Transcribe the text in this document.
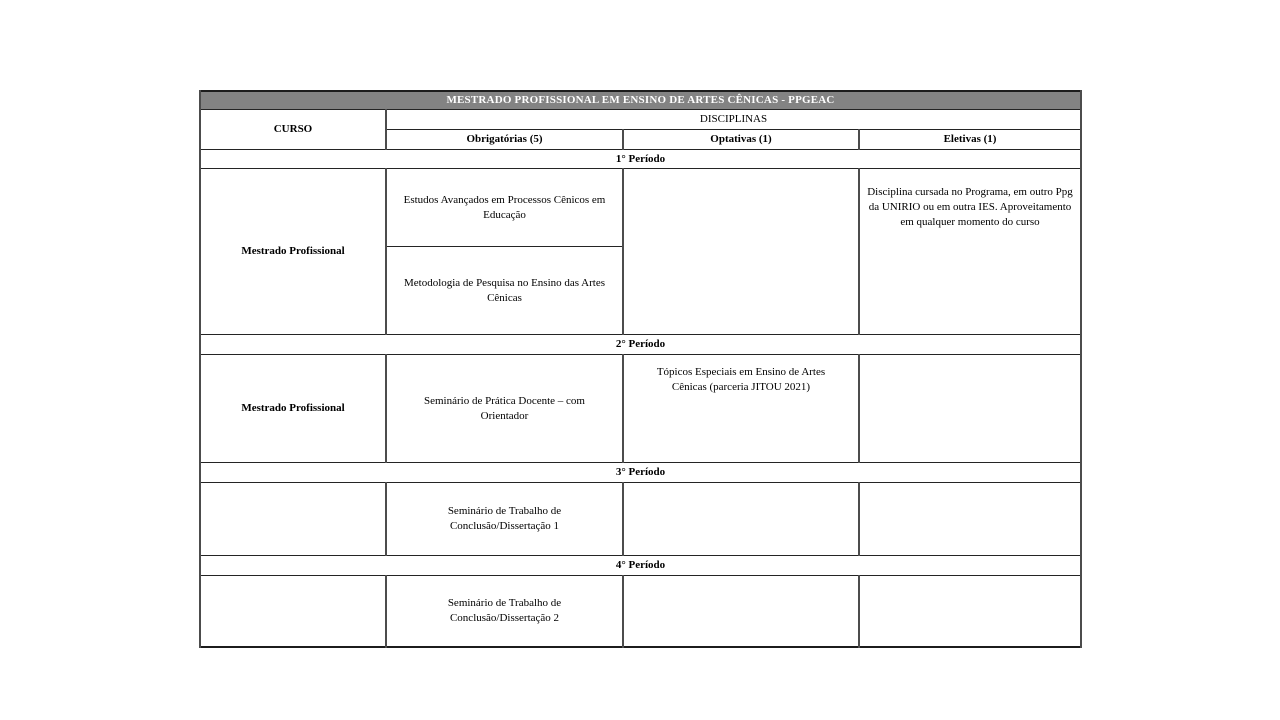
MESTRADO PROFISSIONAL EM ENSINO DE ARTES CÊNICAS - PPGEAC			
CURSO	DISCIPLINAS		
	Obrigatórias (5)	Optativas (1)	Eletivas (1)
1° Período			
Mestrado Profissional	Estudos Avançados em Processos Cênicos em Educação		Disciplina cursada no Programa, em outro Ppg da UNIRIO ou em outra IES. Aproveitamento em qualquer momento do curso
	Metodologia de Pesquisa no Ensino das Artes Cênicas		
2° Período			
Mestrado Profissional	Seminário de Prática Docente – com Orientador	Tópicos Especiais em Ensino de Artes Cênicas (parceria JITOU 2021)	
3° Período			
	Seminário de Trabalho de Conclusão/Dissertação 1		
4° Período			
	Seminário de Trabalho de Conclusão/Dissertação 2		
